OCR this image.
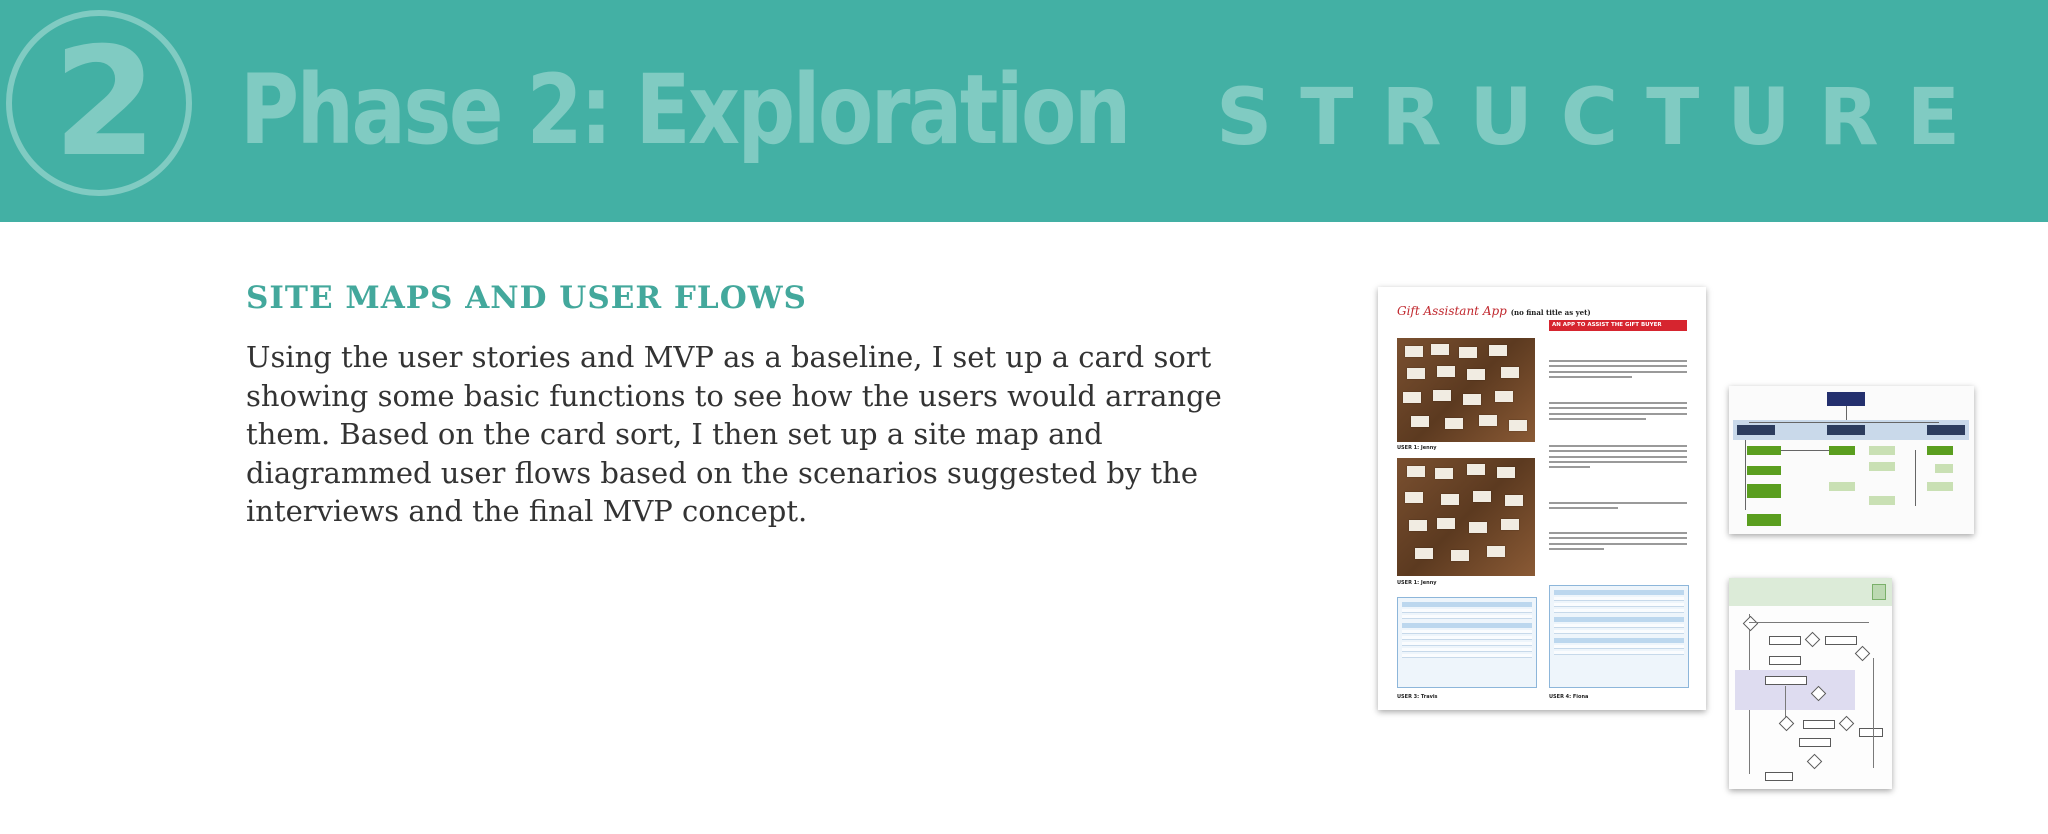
2 Phase 2: Exploration STRUCTURE
SITE MAPS AND USER FLOWS

Using the user stories and MVP as a baseline, I set up a card sort showing some basic functions to see how the users would arrange them. Based on the card sort, I then set up a site map and diagrammed user flows based on the scenarios suggested by the interviews and the final MVP concept.

Gift Assistant App (no final title as yet)
AN APP TO ASSIST THE GIFT BUYER
USER 1: Jenny
USER 1: Jenny
USER 3: Travis	USER 4: Fiona
